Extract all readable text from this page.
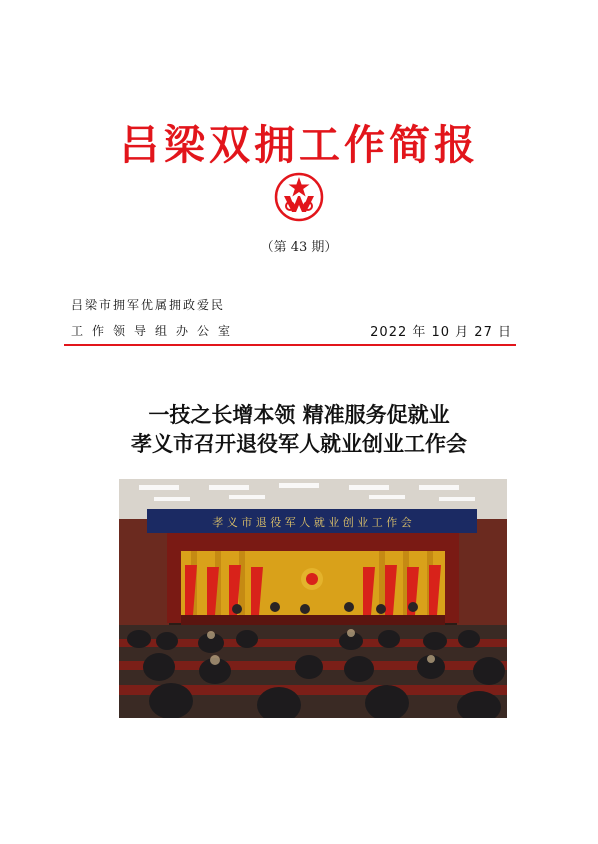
吕梁双拥工作简报
（第 43 期）
吕梁市拥军优属拥政爱民
工作领导组办公室	2022 年 10 月 27 日
一技之长增本领 精准服务促就业
孝义市召开退役军人就业创业工作会
孝 义 市 退 役 军 人 就 业 创 业 工 作 会
